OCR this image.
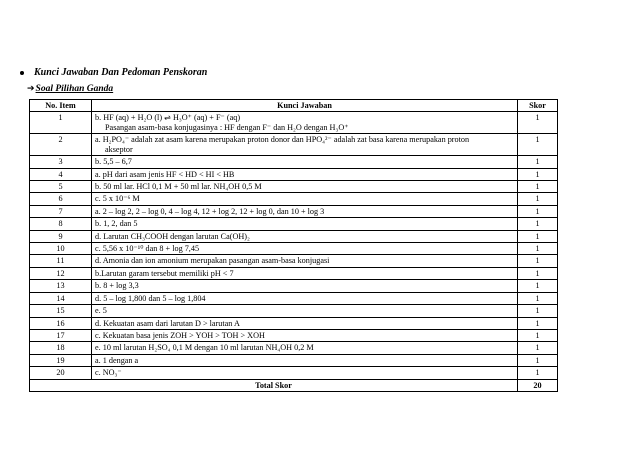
Kunci Jawaban Dan Pedoman Penskoran
➔ Soal Pilihan Ganda
No. Item	Kunci Jawaban	Skor
1	b. HF (aq) + H₂O (l) ⇌ H₃O⁺ (aq) + F⁻ (aq)
Pasangan asam-basa konjugasinya : HF dengan F⁻ dan H₂O dengan H₃O⁺	1
2	a. H₂PO₄⁻ adalah zat asam karena merupakan proton donor dan HPO₄²⁻ adalah zat basa karena merupakan proton
akseptor	1
3	b. 5,5 – 6,7	1
4	a. pH dari asam jenis HF < HD < HI < HB	1
5	b. 50 ml lar. HCl 0,1 M + 50 ml lar. NH₄OH 0,5 M	1
6	c. 5 x 10⁻⁶ M	1
7	a. 2 – log 2, 2 – log 0, 4 – log 4, 12 + log 2, 12 + log 0, dan 10 + log 3	1
8	b. 1, 2, dan 5	1
9	d. Larutan CH₃COOH dengan larutan Ca(OH)₂	1
10	c. 5,56 x 10⁻¹⁰ dan 8 + log 7,45	1
11	d. Amonia dan ion amonium merupakan pasangan asam-basa konjugasi	1
12	b.Larutan garam tersebut memiliki pH < 7	1
13	b. 8 + log 3,3	1
14	d. 5 – log 1,800 dan 5 – log 1,804	1
15	e. 5	1
16	d. Kekuatan asam dari larutan D > larutan A	1
17	c. Kekuatan basa jenis ZOH > YOH > TOH > XOH	1
18	e. 10 ml larutan H₂SO₄ 0,1 M dengan 10 ml larutan NH₄OH 0,2 M	1
19	a. 1 dengan a	1
20	c. NO₃⁻	1
Total Skor		20
